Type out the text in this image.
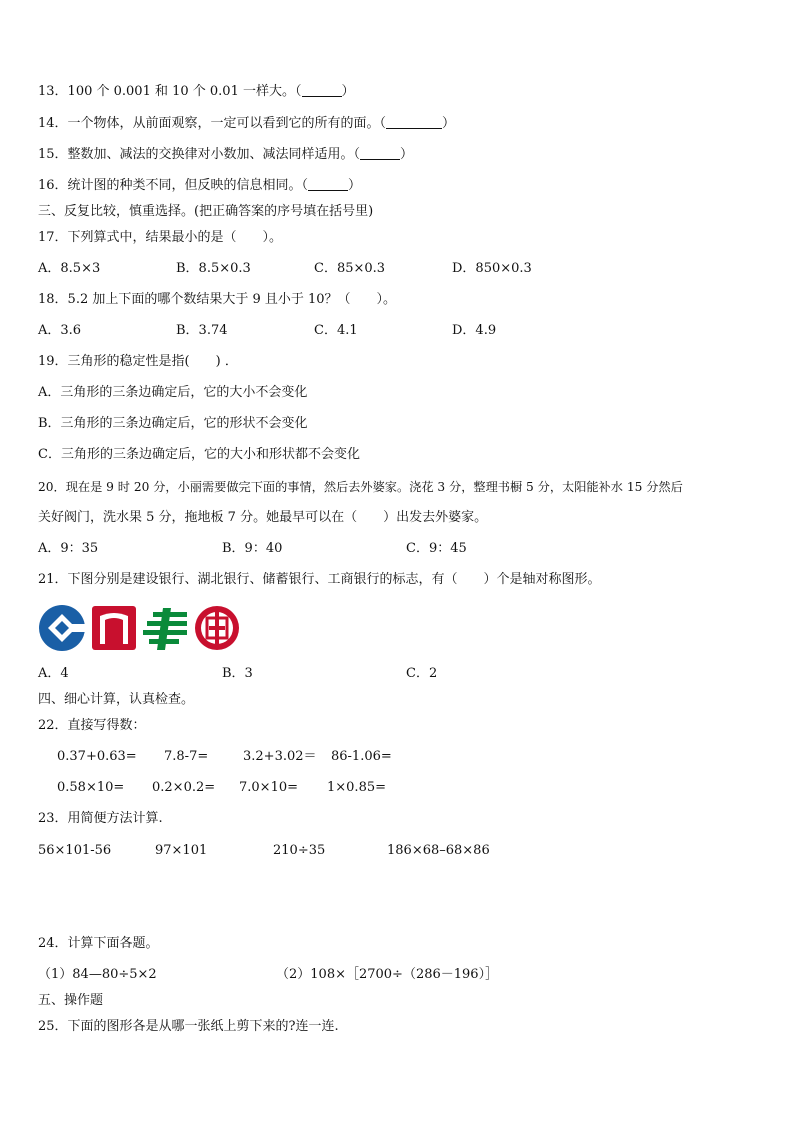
13．100 个 0.001 和 10 个 0.01 一样大。（	）
14．一个物体，从前面观察，一定可以看到它的所有的面。（	）
15．整数加、减法的交换律对小数加、减法同样适用。（	）
16．统计图的种类不同，但反映的信息相同。（	）
三、反复比较，慎重选择。(把正确答案的序号填在括号里)
17．下列算式中，结果最小的是（　　）。
A．8.5×3	B．8.5×0.3	C．85×0.3	D．850×0.3
18．5.2 加上下面的哪个数结果大于 9 且小于 10？（　　）。
A．3.6	B．3.74	C．4.1	D．4.9
19．三角形的稳定性是指(　　) ．
A．三角形的三条边确定后，它的大小不会变化
B．三角形的三条边确定后，它的形状不会变化
C．三角形的三条边确定后，它的大小和形状都不会变化
20．现在是 9 时 20 分，小丽需要做完下面的事情，然后去外婆家。浇花 3 分，整理书橱 5 分，太阳能补水 15 分然后
关好阀门，洗水果 5 分，拖地板 7 分。她最早可以在（　　）出发去外婆家。
A．9：35	B．9：40	C．9：45
21．下图分别是建设银行、湖北银行、储蓄银行、工商银行的标志，有（　　）个是轴对称图形。
A．4	B．3	C．2
四、细心计算，认真检查。
22．直接写得数：
0.37+0.63= 7.8-7=	3.2+3.02＝ 86-1.06=
0.58×10= 0.2×0.2= 7.0×10= 1×0.85=
23．用简便方法计算.
56×101-56	97×101	210÷35	186×68–68×86
24．计算下面各题。
（1）84—80÷5×2	（2）108×［2700÷（286－196）］
五、操作题
25．下面的图形各是从哪一张纸上剪下来的?连一连.
